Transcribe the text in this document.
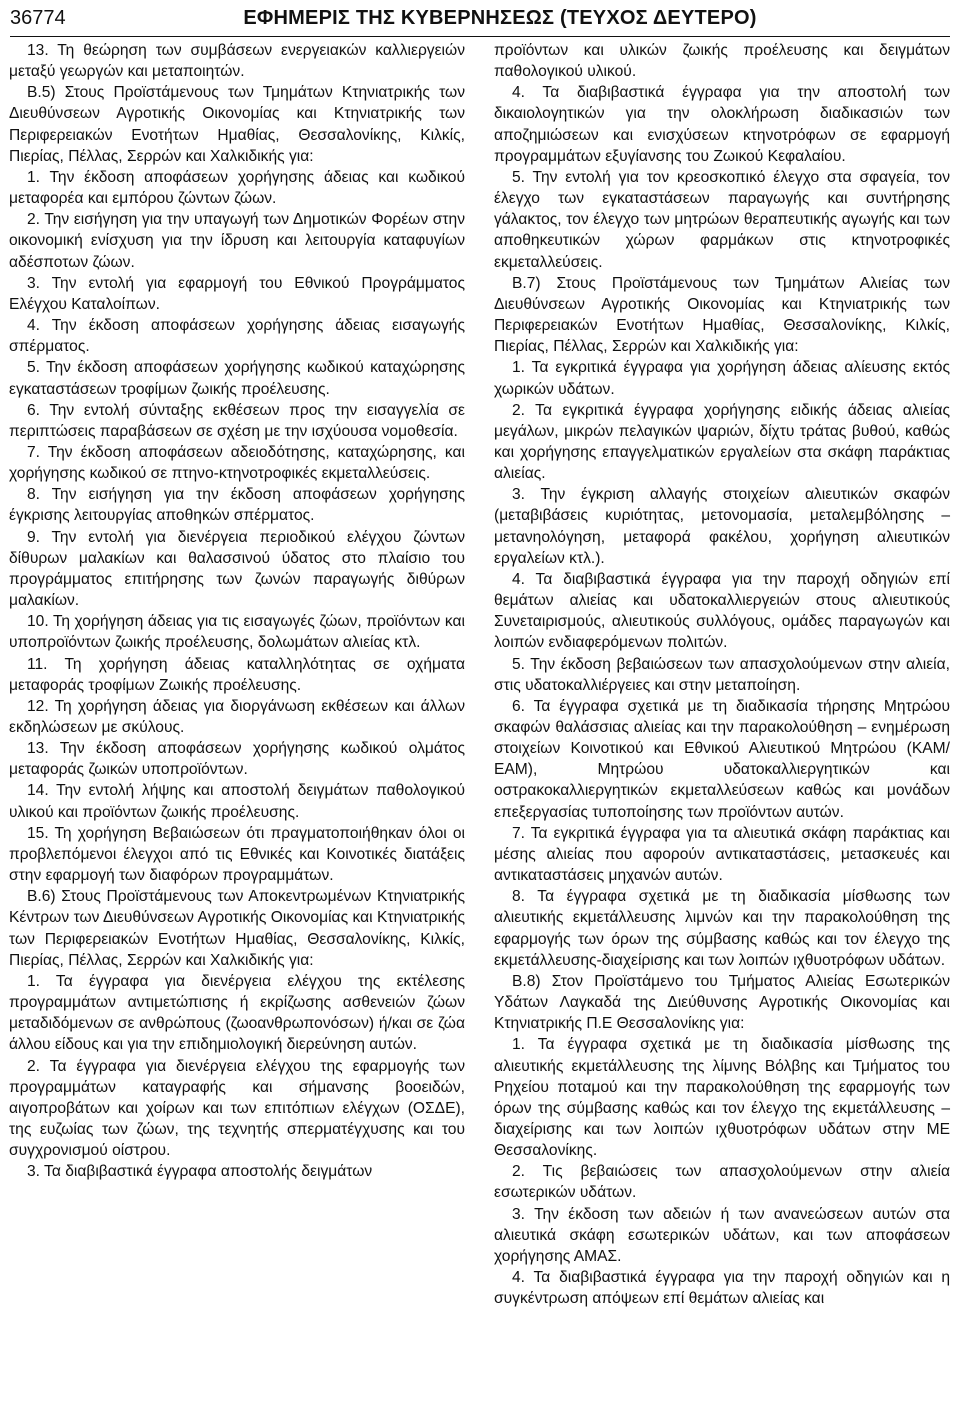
36774	ΕΦΗΜΕΡΙΣ ΤΗΣ ΚΥΒΕΡΝΗΣΕΩΣ (ΤΕΥΧΟΣ ΔΕΥΤΕΡΟ)

13. Τη θεώρηση των συμβάσεων ενεργειακών καλλιεργειών μεταξύ γεωργών και μεταποιητών.

Β.5) Στους Προϊστάμενους των Τμημάτων Κτηνιατρικής των Διευθύνσεων Αγροτικής Οικονομίας και Κτηνιατρικής των Περιφερειακών Ενοτήτων Ημαθίας, Θεσσαλονίκης, Κιλκίς, Πιερίας, Πέλλας, Σερρών και Χαλκιδικής για:

1. Την έκδοση αποφάσεων χορήγησης άδειας και κωδικού μεταφορέα και εμπόρου ζώντων ζώων.

2. Την εισήγηση για την υπαγωγή των Δημοτικών Φορέων στην οικονομική ενίσχυση για την ίδρυση και λειτουργία καταφυγίων αδέσποτων ζώων.

3. Την εντολή για εφαρμογή του Εθνικού Προγράμματος Ελέγχου Καταλοίπων.

4. Την έκδοση αποφάσεων χορήγησης άδειας εισαγωγής σπέρματος.

5. Την έκδοση αποφάσεων χορήγησης κωδικού καταχώρησης εγκαταστάσεων τροφίμων ζωικής προέλευσης.

6. Την εντολή σύνταξης εκθέσεων προς την εισαγγελία σε περιπτώσεις παραβάσεων σε σχέση με την ισχύουσα νομοθεσία.

7. Την έκδοση αποφάσεων αδειοδότησης, καταχώρησης, και χορήγησης κωδικού σε πτηνο-κτηνοτροφικές εκμεταλλεύσεις.

8. Την εισήγηση για την έκδοση αποφάσεων χορήγησης έγκρισης λειτουργίας αποθηκών σπέρματος.

9. Την εντολή για διενέργεια περιοδικού ελέγχου ζώντων δίθυρων μαλακίων και θαλασσινού ύδατος στο πλαίσιο του προγράμματος επιτήρησης των ζωνών παραγωγής διθύρων μαλακίων.

10. Τη χορήγηση άδειας για τις εισαγωγές ζώων, προϊόντων και υποπροϊόντων ζωικής προέλευσης, δολωμάτων αλιείας κτλ.

11. Τη χορήγηση άδειας καταλληλότητας σε οχήματα μεταφοράς τροφίμων Ζωικής προέλευσης.

12. Τη χορήγηση άδειας για διοργάνωση εκθέσεων και άλλων εκδηλώσεων με σκύλους.

13. Την έκδοση αποφάσεων χορήγησης κωδικού ολμάτος μεταφοράς ζωικών υποπροϊόντων.

14. Την εντολή λήψης και αποστολή δειγμάτων παθολογικού υλικού και προϊόντων ζωικής προέλευσης.

15. Τη χορήγηση Βεβαιώσεων ότι πραγματοποιήθηκαν όλοι οι προβλεπόμενοι έλεγχοι από τις Εθνικές και Κοινοτικές διατάξεις στην εφαρμογή των διαφόρων προγραμμάτων.

Β.6) Στους Προϊστάμενους των Αποκεντρωμένων Κτηνιατρικής Κέντρων των Διευθύνσεων Αγροτικής Οικονομίας και Κτηνιατρικής των Περιφερειακών Ενοτήτων Ημαθίας, Θεσσαλονίκης, Κιλκίς, Πιερίας, Πέλλας, Σερρών και Χαλκιδικής για:

1. Τα έγγραφα για διενέργεια ελέγχου της εκτέλεσης προγραμμάτων αντιμετώπισης ή εκρίζωσης ασθενειών ζώων μεταδιδόμενων σε ανθρώπους (ζωοανθρωπονόσων) ή/και σε ζώα άλλου είδους και για την επιδημιολογική διερεύνηση αυτών.

2. Τα έγγραφα για διενέργεια ελέγχου της εφαρμογής των προγραμμάτων καταγραφής και σήμανσης βοοειδών, αιγοπροβάτων και χοίρων και των επιτόπιων ελέγχων (ΟΣΔΕ), της ευζωίας των ζώων, της τεχνητής σπερματέγχυσης και του συγχρονισμού οίστρου.

3. Τα διαβιβαστικά έγγραφα αποστολής δειγμάτων

προϊόντων και υλικών ζωικής προέλευσης και δειγμάτων παθολογικού υλικού.

4. Τα διαβιβαστικά έγγραφα για την αποστολή των δικαιολογητικών για την ολοκλήρωση διαδικασιών των αποζημιώσεων και ενισχύσεων κτηνοτρόφων σε εφαρμογή προγραμμάτων εξυγίανσης του Ζωικού Κεφαλαίου.

5. Την εντολή για τον κρεοσκοπικό έλεγχο στα σφαγεία, τον έλεγχο των εγκαταστάσεων παραγωγής και συντήρησης γάλακτος, τον έλεγχο των μητρώων θεραπευτικής αγωγής και των αποθηκευτικών χώρων φαρμάκων στις κτηνοτροφικές εκμεταλλεύσεις.

Β.7) Στους Προϊστάμενους των Τμημάτων Αλιείας των Διευθύνσεων Αγροτικής Οικονομίας και Κτηνιατρικής των Περιφερειακών Ενοτήτων Ημαθίας, Θεσσαλονίκης, Κιλκίς, Πιερίας, Πέλλας, Σερρών και Χαλκιδικής για:

1. Τα εγκριτικά έγγραφα για χορήγηση άδειας αλίευσης εκτός χωρικών υδάτων.

2. Τα εγκριτικά έγγραφα χορήγησης ειδικής άδειας αλιείας μεγάλων, μικρών πελαγικών ψαριών, δίχτυ τράτας βυθού, καθώς και χορήγησης επαγγελματικών εργαλείων στα σκάφη παράκτιας αλιείας.

3. Την έγκριση αλλαγής στοιχείων αλιευτικών σκαφών (μεταβιβάσεις κυριότητας, μετονομασία, μεταλεμβόλησης – μετανηολόγηση, μεταφορά φακέλου, χορήγηση αλιευτικών εργαλείων κτλ.).

4. Τα διαβιβαστικά έγγραφα για την παροχή οδηγιών επί θεμάτων αλιείας και υδατοκαλλιεργειών στους αλιευτικούς Συνεταιρισμούς, αλιευτικούς συλλόγους, ομάδες παραγωγών και λοιπών ενδιαφερόμενων πολιτών.

5. Την έκδοση βεβαιώσεων των απασχολούμενων στην αλιεία, στις υδατοκαλλιέργειες και στην μεταποίηση.

6. Τα έγγραφα σχετικά με τη διαδικασία τήρησης Μητρώου σκαφών θαλάσσιας αλιείας και την παρακολούθηση – ενημέρωση στοιχείων Κοινοτικού και Εθνικού Αλιευτικού Μητρώου (ΚΑΜ/ΕΑΜ), Μητρώου υδατοκαλλιεργητικών και οστρακοκαλλιεργητικών εκμεταλλεύσεων καθώς και μονάδων επεξεργασίας τυποποίησης των προϊόντων αυτών.

7. Τα εγκριτικά έγγραφα για τα αλιευτικά σκάφη παράκτιας και μέσης αλιείας που αφορούν αντικαταστάσεις, μετασκευές και αντικαταστάσεις μηχανών αυτών.

8. Τα έγγραφα σχετικά με τη διαδικασία μίσθωσης των αλιευτικής εκμετάλλευσης λιμνών και την παρακολούθηση της εφαρμογής των όρων της σύμβασης καθώς και τον έλεγχο της εκμετάλλευσης-διαχείρισης και των λοιπών ιχθυοτρόφων υδάτων.

Β.8) Στον Προϊστάμενο του Τμήματος Αλιείας Εσωτερικών Υδάτων Λαγκαδά της Διεύθυνσης Αγροτικής Οικονομίας και Κτηνιατρικής Π.Ε Θεσσαλονίκης για:

1. Τα έγγραφα σχετικά με τη διαδικασία μίσθωσης της αλιευτικής εκμετάλλευσης της λίμνης Βόλβης και Τμήματος του Ρηχείου ποταμού και την παρακολούθηση της εφαρμογής των όρων της σύμβασης καθώς και τον έλεγχο της εκμετάλλευσης – διαχείρισης και των λοιπών ιχθυοτρόφων υδάτων στην ΜΕ Θεσσαλονίκης.

2. Τις βεβαιώσεις των απασχολούμενων στην αλιεία εσωτερικών υδάτων.

3. Την έκδοση των αδειών ή των ανανεώσεων αυτών στα αλιευτικά σκάφη εσωτερικών υδάτων, και των αποφάσεων χορήγησης ΑΜΑΣ.

4. Τα διαβιβαστικά έγγραφα για την παροχή οδηγιών και η συγκέντρωση απόψεων επί θεμάτων αλιείας και
